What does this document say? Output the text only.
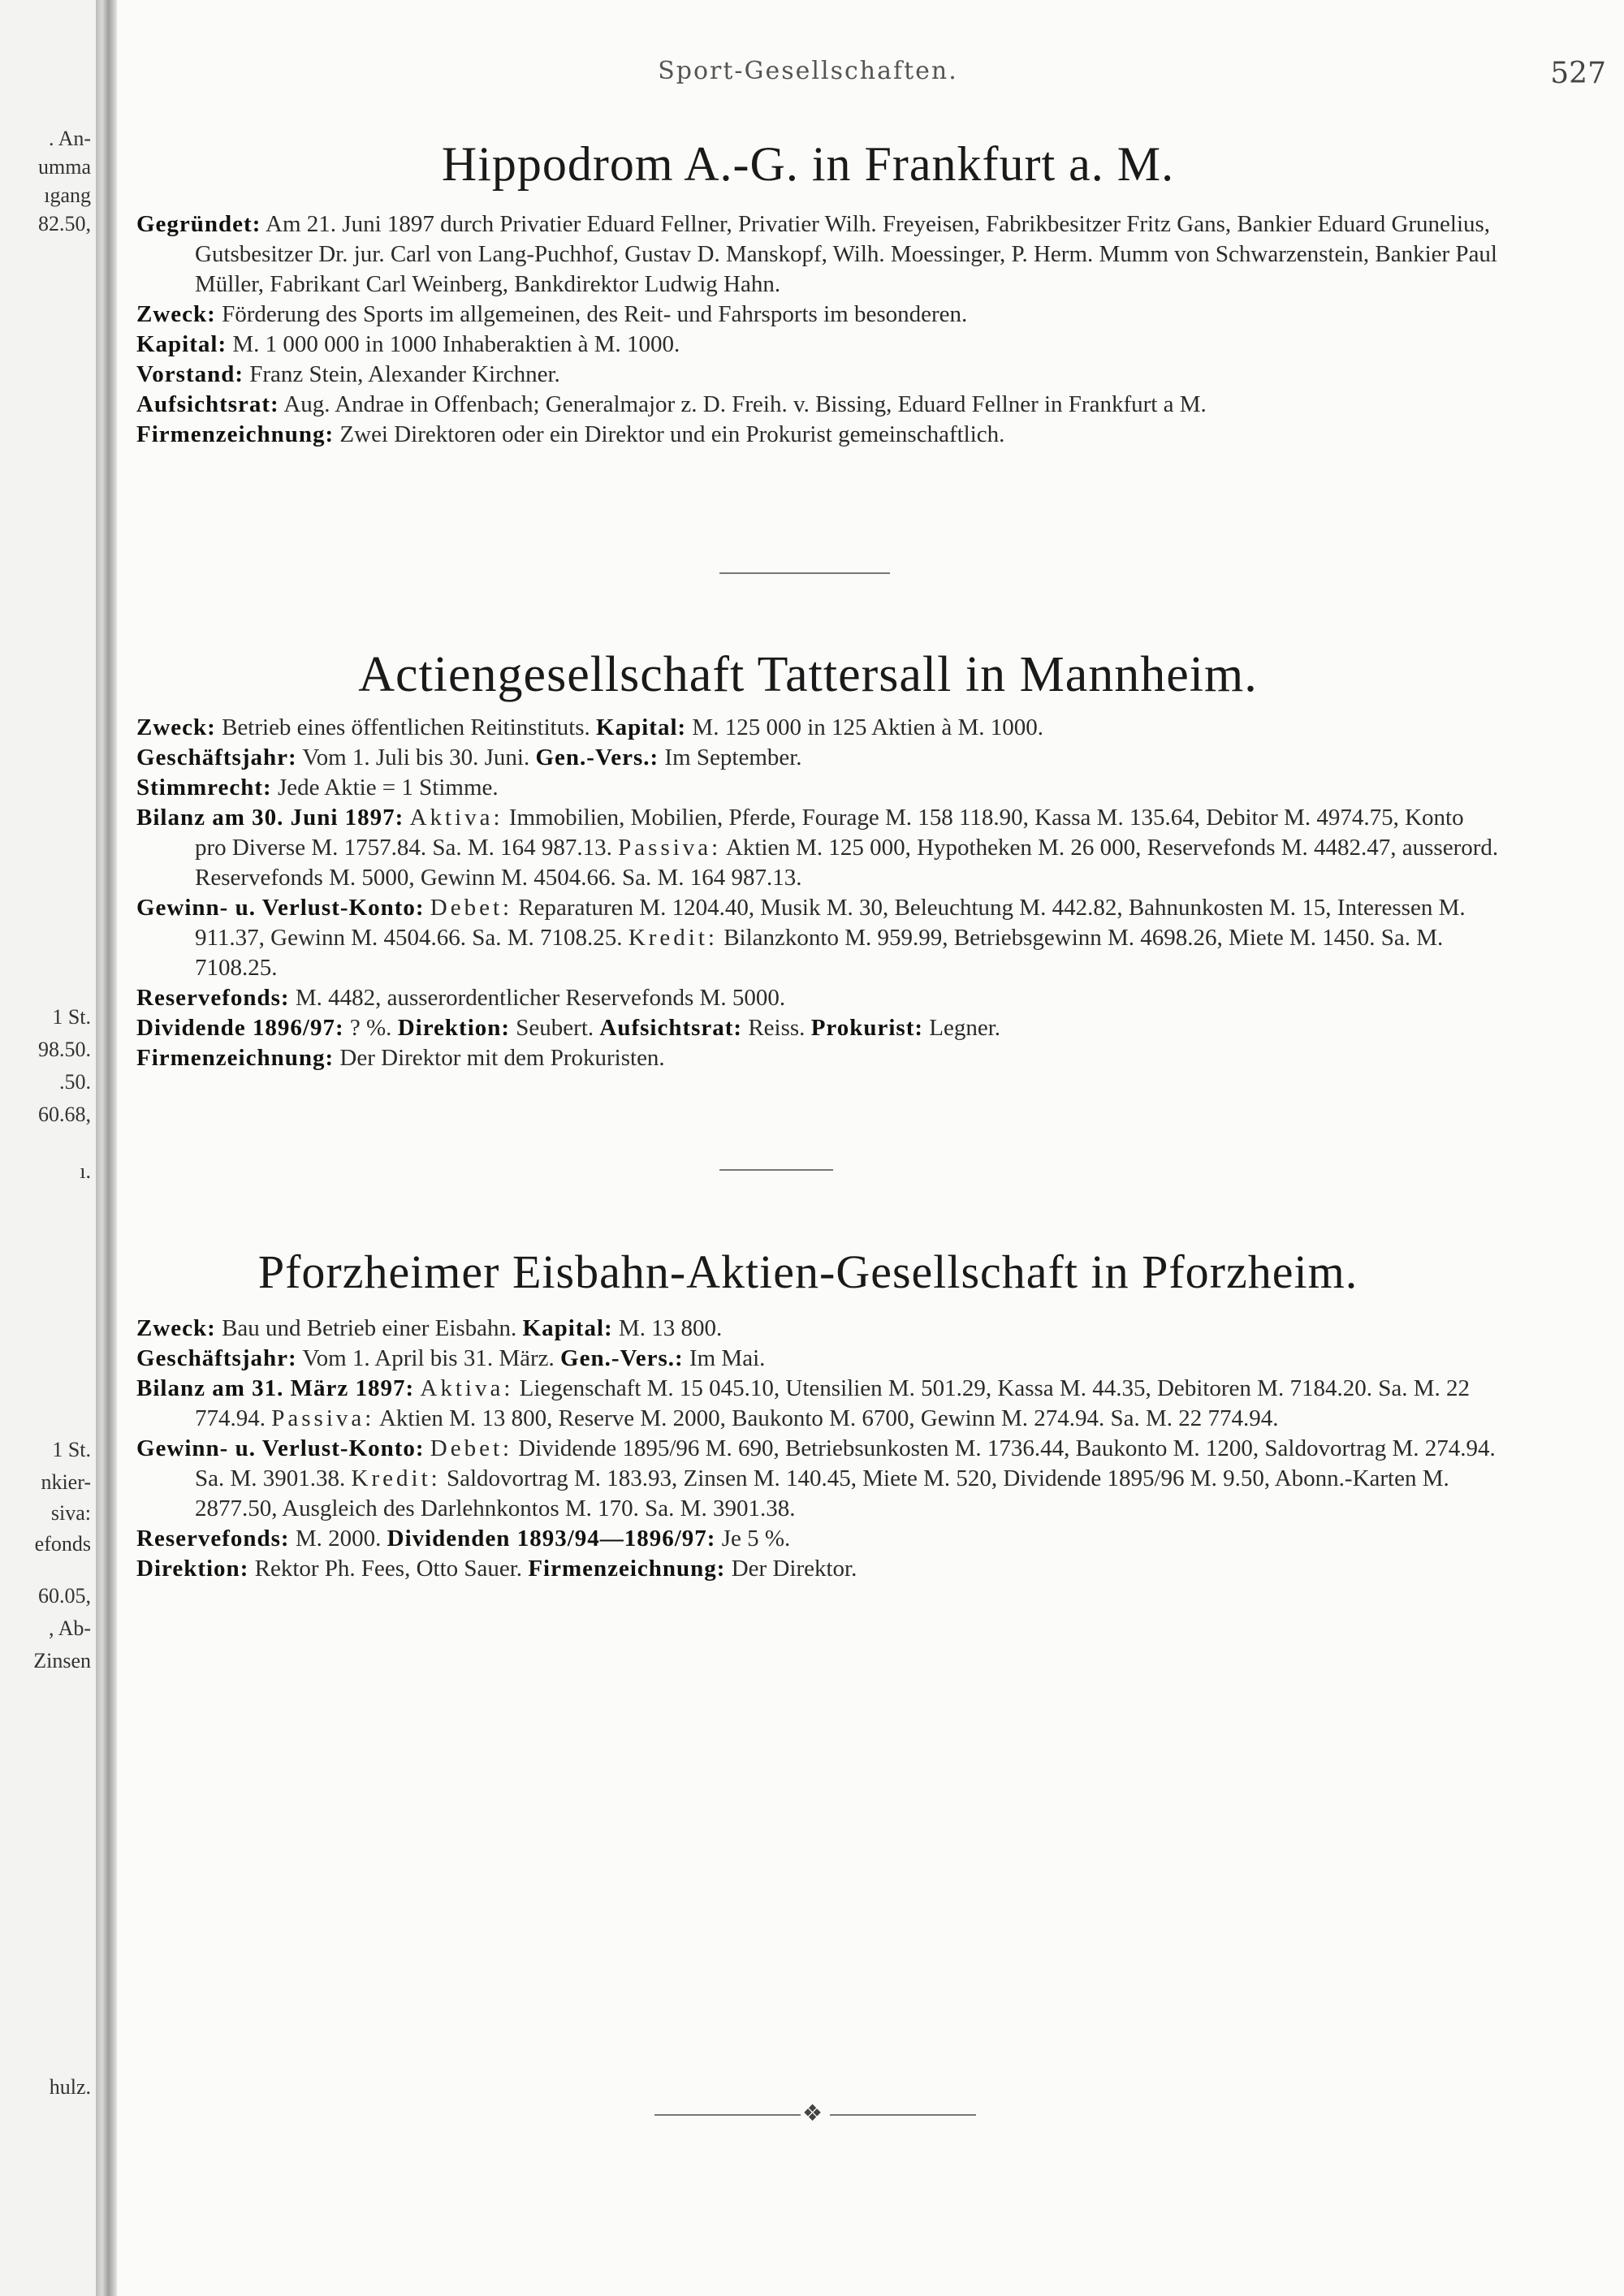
. An-
umma
ıgang
82.50,
1 St.
98.50.
.50.
60.68,
ı.
1 St.
nkier-
siva:
efonds
60.05,
, Ab-
Zinsen
hulz.
Sport-Gesellschaften.	527
Hippodrom A.-G. in Frankfurt a. M.

Gegründet: Am 21. Juni 1897 durch Privatier Eduard Fellner, Privatier Wilh. Freyeisen, Fabrikbesitzer Fritz Gans, Bankier Eduard Grunelius, Gutsbesitzer Dr. jur. Carl von Lang-Puchhof, Gustav D. Manskopf, Wilh. Moessinger, P. Herm. Mumm von Schwarzenstein, Bankier Paul Müller, Fabrikant Carl Weinberg, Bankdirektor Ludwig Hahn.

Zweck: Förderung des Sports im allgemeinen, des Reit- und Fahrsports im besonderen.

Kapital: M. 1 000 000 in 1000 Inhaberaktien à M. 1000.

Vorstand: Franz Stein, Alexander Kirchner.

Aufsichtsrat: Aug. Andrae in Offenbach; Generalmajor z. D. Freih. v. Bissing, Eduard Fellner in Frankfurt a M.

Firmenzeichnung: Zwei Direktoren oder ein Direktor und ein Prokurist gemeinschaftlich.

Actiengesellschaft Tattersall in Mannheim.

Zweck: Betrieb eines öffentlichen Reitinstituts. Kapital: M. 125 000 in 125 Aktien à M. 1000.

Geschäftsjahr: Vom 1. Juli bis 30. Juni. Gen.-Vers.: Im September.

Stimmrecht: Jede Aktie = 1 Stimme.

Bilanz am 30. Juni 1897: Aktiva: Immobilien, Mobilien, Pferde, Fourage M. 158 118.90, Kassa M. 135.64, Debitor M. 4974.75, Konto pro Diverse M. 1757.84. Sa. M. 164 987.13. Passiva: Aktien M. 125 000, Hypotheken M. 26 000, Reservefonds M. 4482.47, ausserord. Reservefonds M. 5000, Gewinn M. 4504.66. Sa. M. 164 987.13.

Gewinn- u. Verlust-Konto: Debet: Reparaturen M. 1204.40, Musik M. 30, Beleuchtung M. 442.82, Bahnunkosten M. 15, Interessen M. 911.37, Gewinn M. 4504.66. Sa. M. 7108.25. Kredit: Bilanzkonto M. 959.99, Betriebsgewinn M. 4698.26, Miete M. 1450. Sa. M. 7108.25.

Reservefonds: M. 4482, ausserordentlicher Reservefonds M. 5000.

Dividende 1896/97: ? %. Direktion: Seubert. Aufsichtsrat: Reiss. Prokurist: Legner.

Firmenzeichnung: Der Direktor mit dem Prokuristen.

Pforzheimer Eisbahn-Aktien-Gesellschaft in Pforzheim.

Zweck: Bau und Betrieb einer Eisbahn. Kapital: M. 13 800.

Geschäftsjahr: Vom 1. April bis 31. März. Gen.-Vers.: Im Mai.

Bilanz am 31. März 1897: Aktiva: Liegenschaft M. 15 045.10, Utensilien M. 501.29, Kassa M. 44.35, Debitoren M. 7184.20. Sa. M. 22 774.94. Passiva: Aktien M. 13 800, Reserve M. 2000, Baukonto M. 6700, Gewinn M. 274.94. Sa. M. 22 774.94.

Gewinn- u. Verlust-Konto: Debet: Dividende 1895/96 M. 690, Betriebsunkosten M. 1736.44, Baukonto M. 1200, Saldovortrag M. 274.94. Sa. M. 3901.38. Kredit: Saldovortrag M. 183.93, Zinsen M. 140.45, Miete M. 520, Dividende 1895/96 M. 9.50, Abonn.-Karten M. 2877.50, Ausgleich des Darlehnkontos M. 170. Sa. M. 3901.38.

Reservefonds: M. 2000. Dividenden 1893/94—1896/97: Je 5 %.

Direktion: Rektor Ph. Fees, Otto Sauer. Firmenzeichnung: Der Direktor.

❖
